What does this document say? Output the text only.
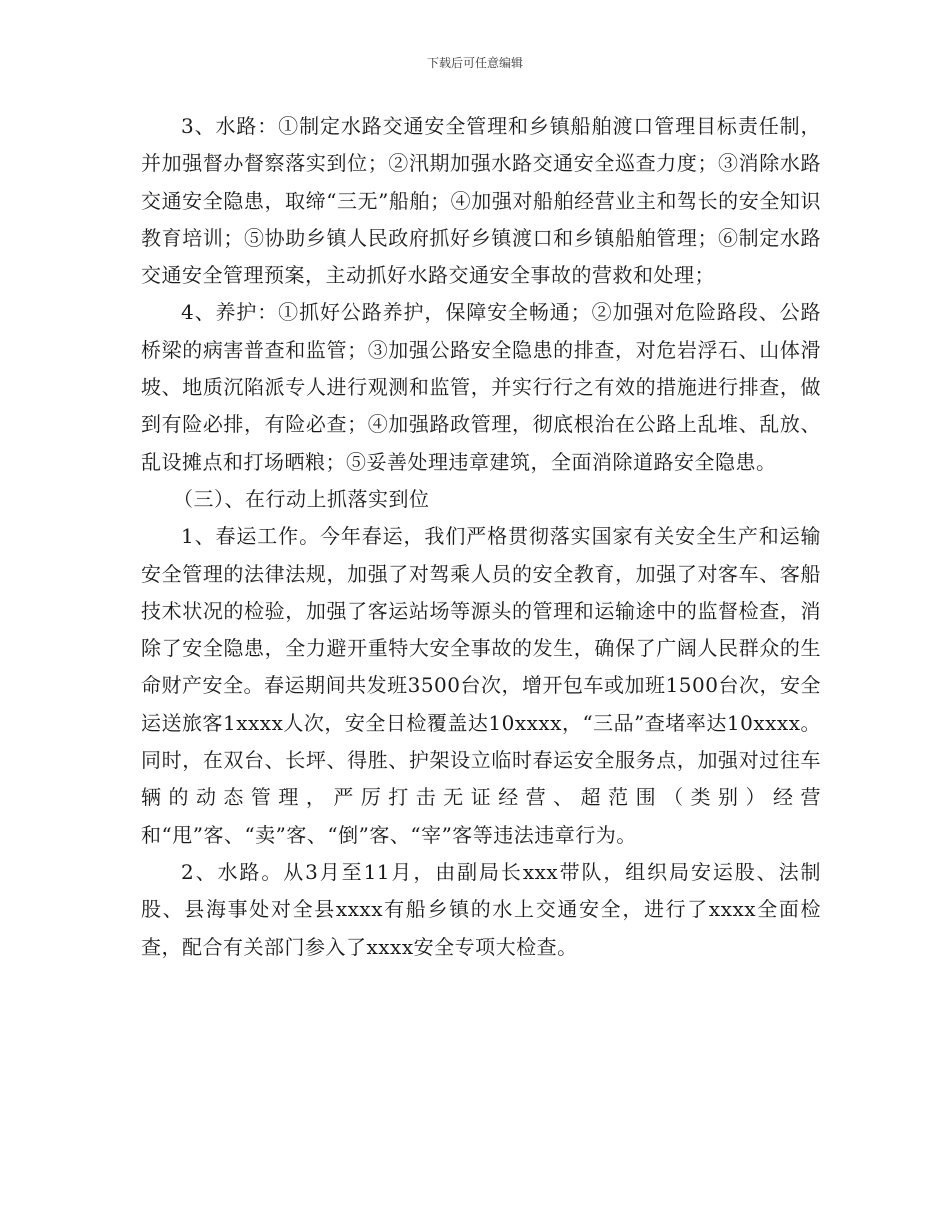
下载后可任意编辑

3、水路：①制定水路交通安全管理和乡镇船舶渡口管理目标责任制，并加强督办督察落实到位；②汛期加强水路交通安全巡查力度；③消除水路交通安全隐患，取缔“三无”船舶；④加强对船舶经营业主和驾长的安全知识教育培训；⑤协助乡镇人民政府抓好乡镇渡口和乡镇船舶管理；⑥制定水路交通安全管理预案，主动抓好水路交通安全事故的营救和处理；

4、养护：①抓好公路养护，保障安全畅通；②加强对危险路段、公路桥梁的病害普查和监管；③加强公路安全隐患的排查，对危岩浮石、山体滑坡、地质沉陷派专人进行观测和监管，并实行行之有效的措施进行排查，做到有险必排，有险必查；④加强路政管理，彻底根治在公路上乱堆、乱放、乱设摊点和打场晒粮；⑤妥善处理违章建筑，全面消除道路安全隐患。

（三）、在行动上抓落实到位

1、春运工作。今年春运，我们严格贯彻落实国家有关安全生产和运输安全管理的法律法规，加强了对驾乘人员的安全教育，加强了对客车、客船技术状况的检验，加强了客运站场等源头的管理和运输途中的监督检查，消除了安全隐患，全力避开重特大安全事故的发生，确保了广阔人民群众的生命财产安全。春运期间共发班3500台次，增开包车或加班1500台次，安全运送旅客1xxxx人次，安全日检覆盖达10xxxx，“三品”查堵率达10xxxx。同时，在双台、长坪、得胜、护架设立临时春运安全服务点，加强对过往车辆的动态管理，严厉打击无证经营、超范围（类别）经营和“甩”客、“卖”客、“倒”客、“宰”客等违法违章行为。

2、水路。从3月至11月，由副局长xxx带队，组织局安运股、法制股、县海事处对全县xxxx有船乡镇的水上交通安全，进行了xxxx全面检查，配合有关部门参入了xxxx安全专项大检查。
